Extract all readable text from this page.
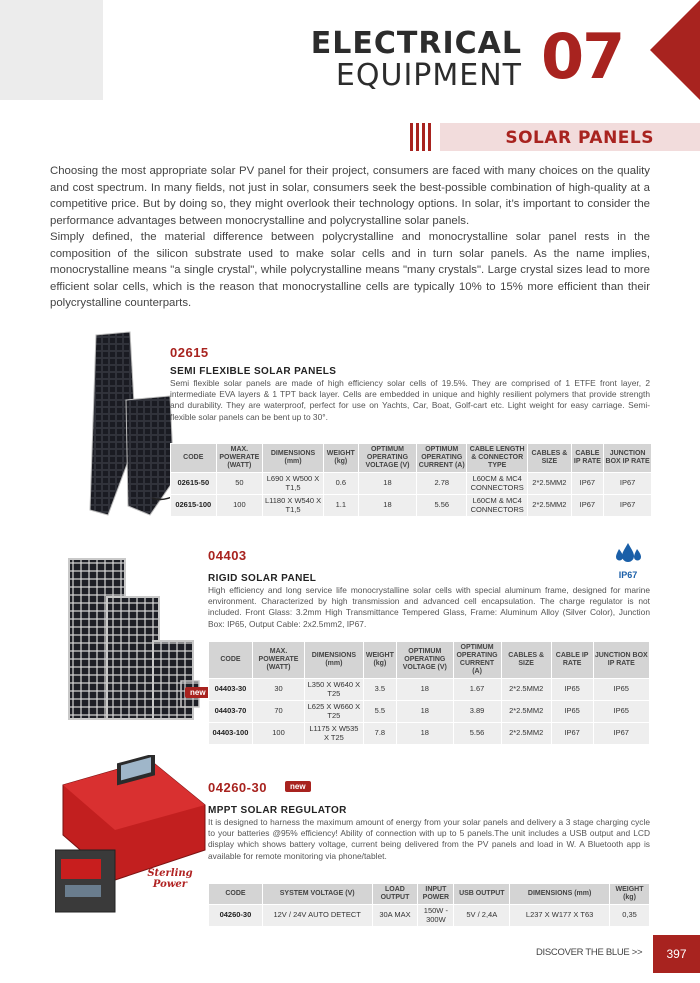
ELECTRICAL
EQUIPMENT 07
SOLAR PANELS

Choosing the most appropriate solar PV panel for their project, consumers are faced with many choices on the quality and cost spectrum. In many fields, not just in solar, consumers seek the best-possible combination of high-quality at a competitive price. But by doing so, they might overlook their technology options. In solar, it’s important to consider the performance advantages between monocrystalline and polycrystalline solar panels.

Simply defined, the material difference between polycrystalline and monocrystalline solar panel rests in the composition of the silicon substrate used to make solar cells and in turn solar panels. As the name implies, monocrystalline means "a single crystal", while polycrystalline means "many crystals". Large crystal sizes lead to more efficient solar cells, which is the reason that monocrystalline cells are typically 10% to 15% more efficient than their polycrystalline counterparts.

02615
SEMI FLEXIBLE SOLAR PANELS
Semi flexible solar panels are made of high efficiency solar cells of 19.5%. They are comprised of 1 ETFE front layer, 2 intermediate EVA layers & 1 TPT back layer. Cells are embedded in unique and highly resilient polymers that provide strength and durability. They are waterproof, perfect for use on Yachts, Car, Boat, Golf-cart etc. Light weight for easy carriage. Semi-flexible solar panels can be bent up to 30°.
CODE	MAX. POWERATE (WATT)	DIMENSIONS (mm)	WEIGHT (kg)	OPTIMUM OPERATING VOLTAGE (V)	OPTIMUM OPERATING CURRENT (A)	CABLE LENGTH & CONNECTOR TYPE	CABLES & SIZE	CABLE IP RATE	JUNCTION BOX IP RATE
02615-50	50	L690 X W500 X T1,5	0.6	18	2.78	L60CM & MC4 CONNECTORS	2*2.5MM2	IP67	IP67
02615-100	100	L1180 X W540 X T1,5	1.1	18	5.56	L60CM & MC4 CONNECTORS	2*2.5MM2	IP67	IP67
new
04403
IP67
RIGID SOLAR PANEL
High efficiency and long service life monocrystalline solar cells with special aluminum frame, designed for marine environment. Characterized by high transmission and advanced cell encapsulation. The charge regulator is not included. Front Glass: 3.2mm High Transmittance Tempered Glass, Frame: Aluminum Alloy (Silver Color), Junction Box: IP65, Output Cable: 2x2.5mm2, IP67.
CODE	MAX. POWERATE (WATT)	DIMENSIONS (mm)	WEIGHT (kg)	OPTIMUM OPERATING VOLTAGE (V)	OPTIMUM OPERATING CURRENT (A)	CABLES & SIZE	CABLE IP RATE	JUNCTION BOX IP RATE
04403-30	30	L350 X W640 X T25	3.5	18	1.67	2*2.5MM2	IP65	IP65
04403-70	70	L625 X W660 X T25	5.5	18	3.89	2*2.5MM2	IP65	IP65
04403-100	100	L1175 X W535 X T25	7.8	18	5.56	2*2.5MM2	IP67	IP67
Sterling
Power
04260-30	new
MPPT SOLAR REGULATOR
It is designed to harness the maximum amount of energy from your solar panels and delivery a 3 stage charging cycle to your batteries @95% efficiency! Ability of connection with up to 5 panels.The unit includes a USB output and LCD display which shows battery voltage, current being delivered from the PV panels and load in W. A Bluetooth app is available for remote monitoring via phone/tablet.
CODE	SYSTEM VOLTAGE (V)	LOAD OUTPUT	INPUT POWER	USB OUTPUT	DIMENSIONS (mm)	WEIGHT (kg)
04260-30	12V / 24V AUTO DETECT	30A MAX	150W - 300W	5V / 2,4A	L237 X W177 X T63	0,35
DISCOVER THE BLUE >>	397
